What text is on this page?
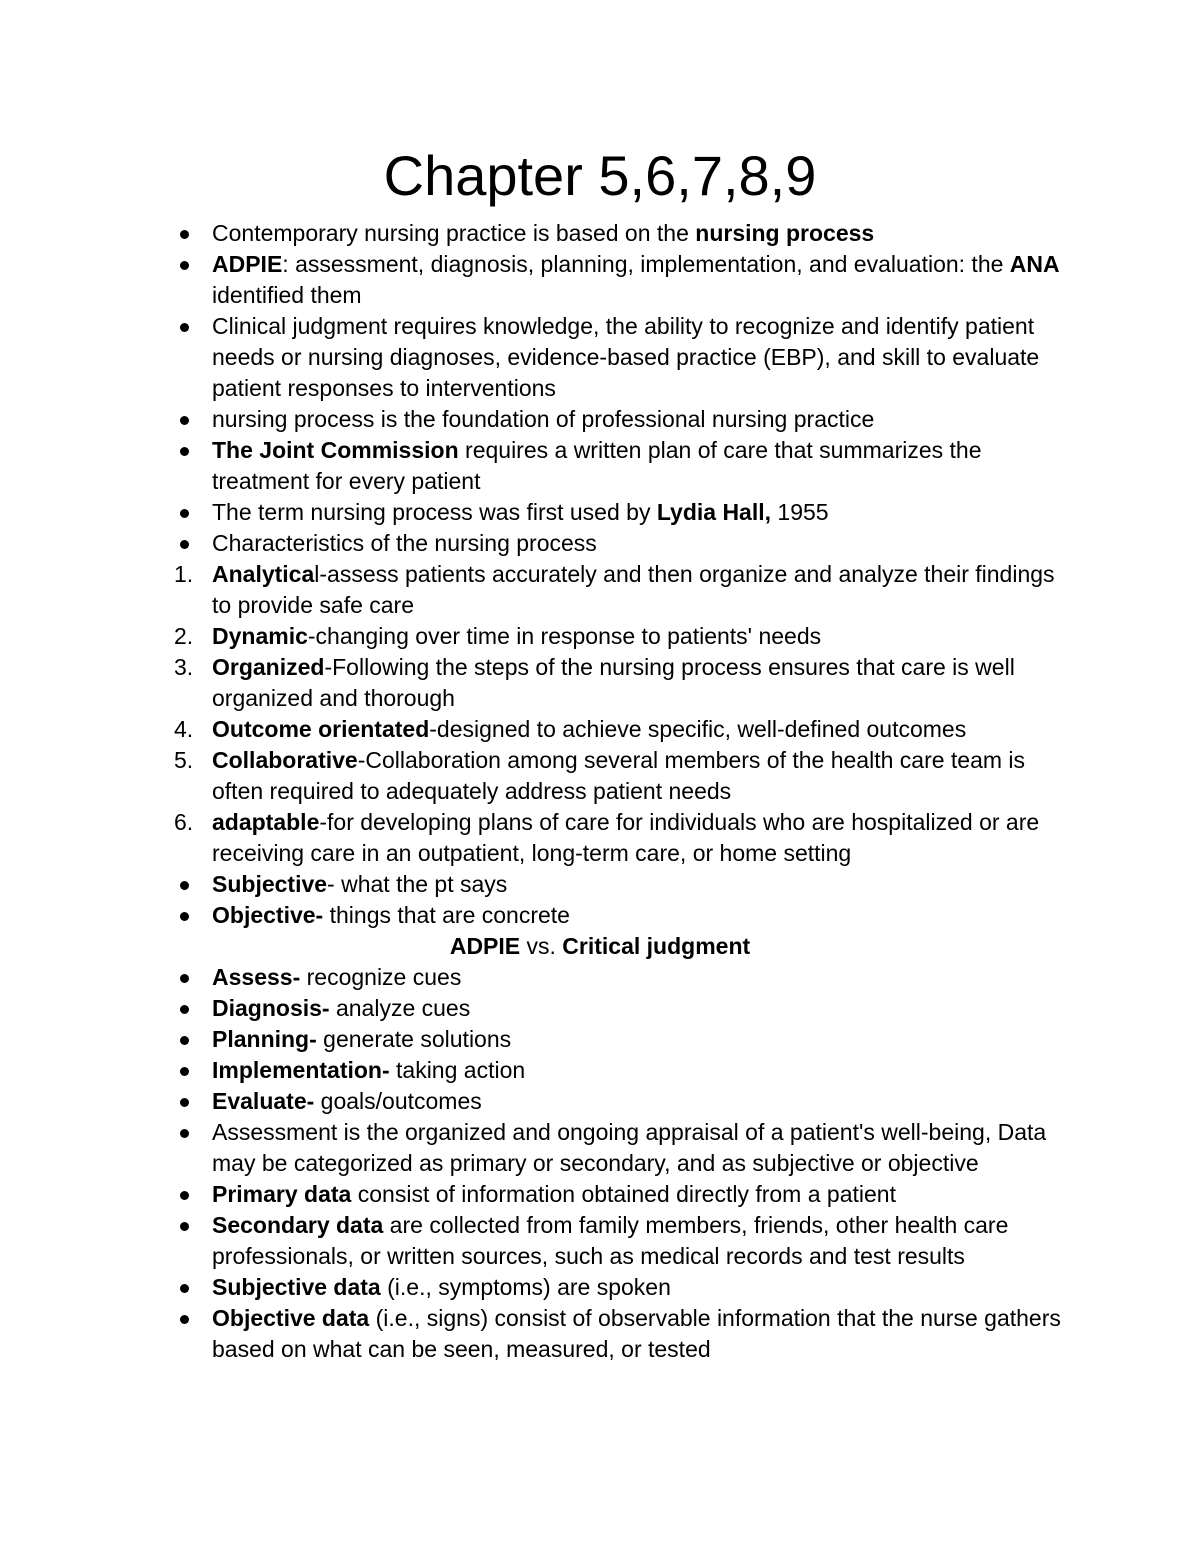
Chapter 5,6,7,8,9
Contemporary nursing practice is based on the nursing process
ADPIE: assessment, diagnosis, planning, implementation, and evaluation: the ANA identified them
Clinical judgment requires knowledge, the ability to recognize and identify patient needs or nursing diagnoses, evidence-based practice (EBP), and skill to evaluate patient responses to interventions
nursing process is the foundation of professional nursing practice
The Joint Commission requires a written plan of care that summarizes the treatment for every patient
The term nursing process was first used by Lydia Hall, 1955
Characteristics of the nursing process
1. Analytical-assess patients accurately and then organize and analyze their findings to provide safe care
2. Dynamic-changing over time in response to patients' needs
3. Organized-Following the steps of the nursing process ensures that care is well organized and thorough
4. Outcome orientated-designed to achieve specific, well-defined outcomes
5. Collaborative-Collaboration among several members of the health care team is often required to adequately address patient needs
6. adaptable-for developing plans of care for individuals who are hospitalized or are receiving care in an outpatient, long-term care, or home setting
Subjective- what the pt says
Objective- things that are concrete
ADPIE vs. Critical judgment
Assess- recognize cues
Diagnosis- analyze cues
Planning- generate solutions
Implementation- taking action
Evaluate- goals/outcomes
Assessment is the organized and ongoing appraisal of a patient's well-being, Data may be categorized as primary or secondary, and as subjective or objective
Primary data consist of information obtained directly from a patient
Secondary data are collected from family members, friends, other health care professionals, or written sources, such as medical records and test results
Subjective data (i.e., symptoms) are spoken
Objective data (i.e., signs) consist of observable information that the nurse gathers based on what can be seen, measured, or tested
